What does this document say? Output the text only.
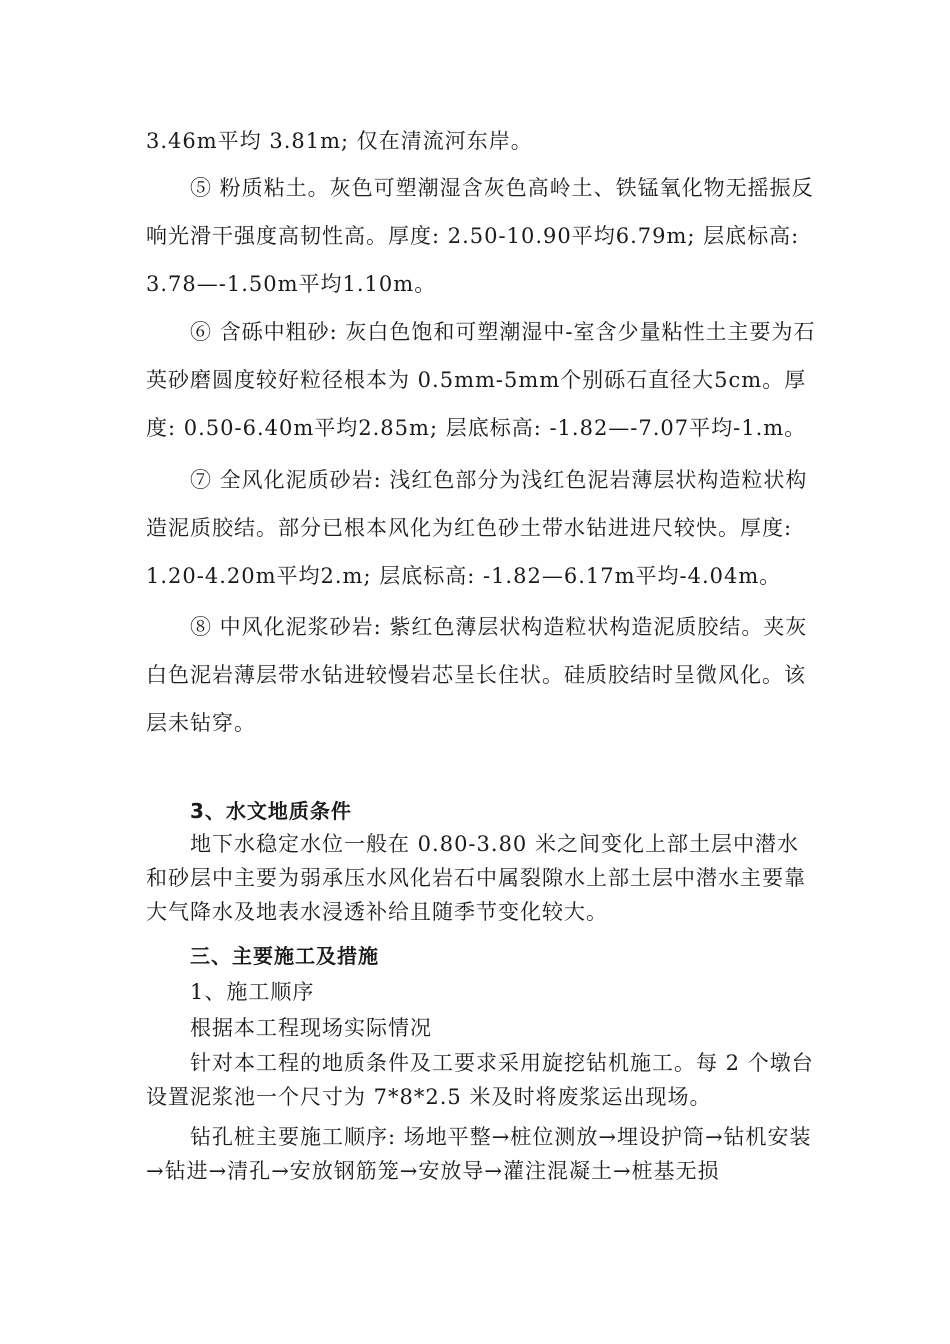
3.46m平均 3.81m; 仅在清流河东岸。

⑤ 粉质粘土。灰色可塑潮湿含灰色高岭土、铁锰氧化物无摇振反响光滑干强度高韧性高。厚度: 2.50-10.90平均6.79m; 层底标高: 3.78—-1.50m平均1.10m。

⑥ 含砾中粗砂: 灰白色饱和可塑潮湿中-室含少量粘性土主要为石英砂磨圆度较好粒径根本为 0.5mm-5mm个别砾石直径大5cm。厚度: 0.50-6.40m平均2.85m; 层底标高: -1.82—-7.07平均-1.m。

⑦ 全风化泥质砂岩: 浅红色部分为浅红色泥岩薄层状构造粒状构造泥质胶结。部分已根本风化为红色砂土带水钻进进尺较快。厚度: 1.20-4.20m平均2.m; 层底标高: -1.82—6.17m平均-4.04m。

⑧ 中风化泥浆砂岩: 紫红色薄层状构造粒状构造泥质胶结。夹灰白色泥岩薄层带水钻进较慢岩芯呈长住状。硅质胶结时呈微风化。该层未钻穿。

3、水文地质条件

地下水稳定水位一般在 0.80-3.80 米之间变化上部土层中潜水和砂层中主要为弱承压水风化岩石中属裂隙水上部土层中潜水主要靠大气降水及地表水浸透补给且随季节变化较大。

三、主要施工及措施

1、施工顺序

根据本工程现场实际情况

针对本工程的地质条件及工要求采用旋挖钻机施工。每 2 个墩台设置泥浆池一个尺寸为 7*8*2.5 米及时将废浆运出现场。

钻孔桩主要施工顺序: 场地平整→桩位测放→埋设护筒→钻机安装→钻进→清孔→安放钢筋笼→安放导→灌注混凝土→桩基无损
